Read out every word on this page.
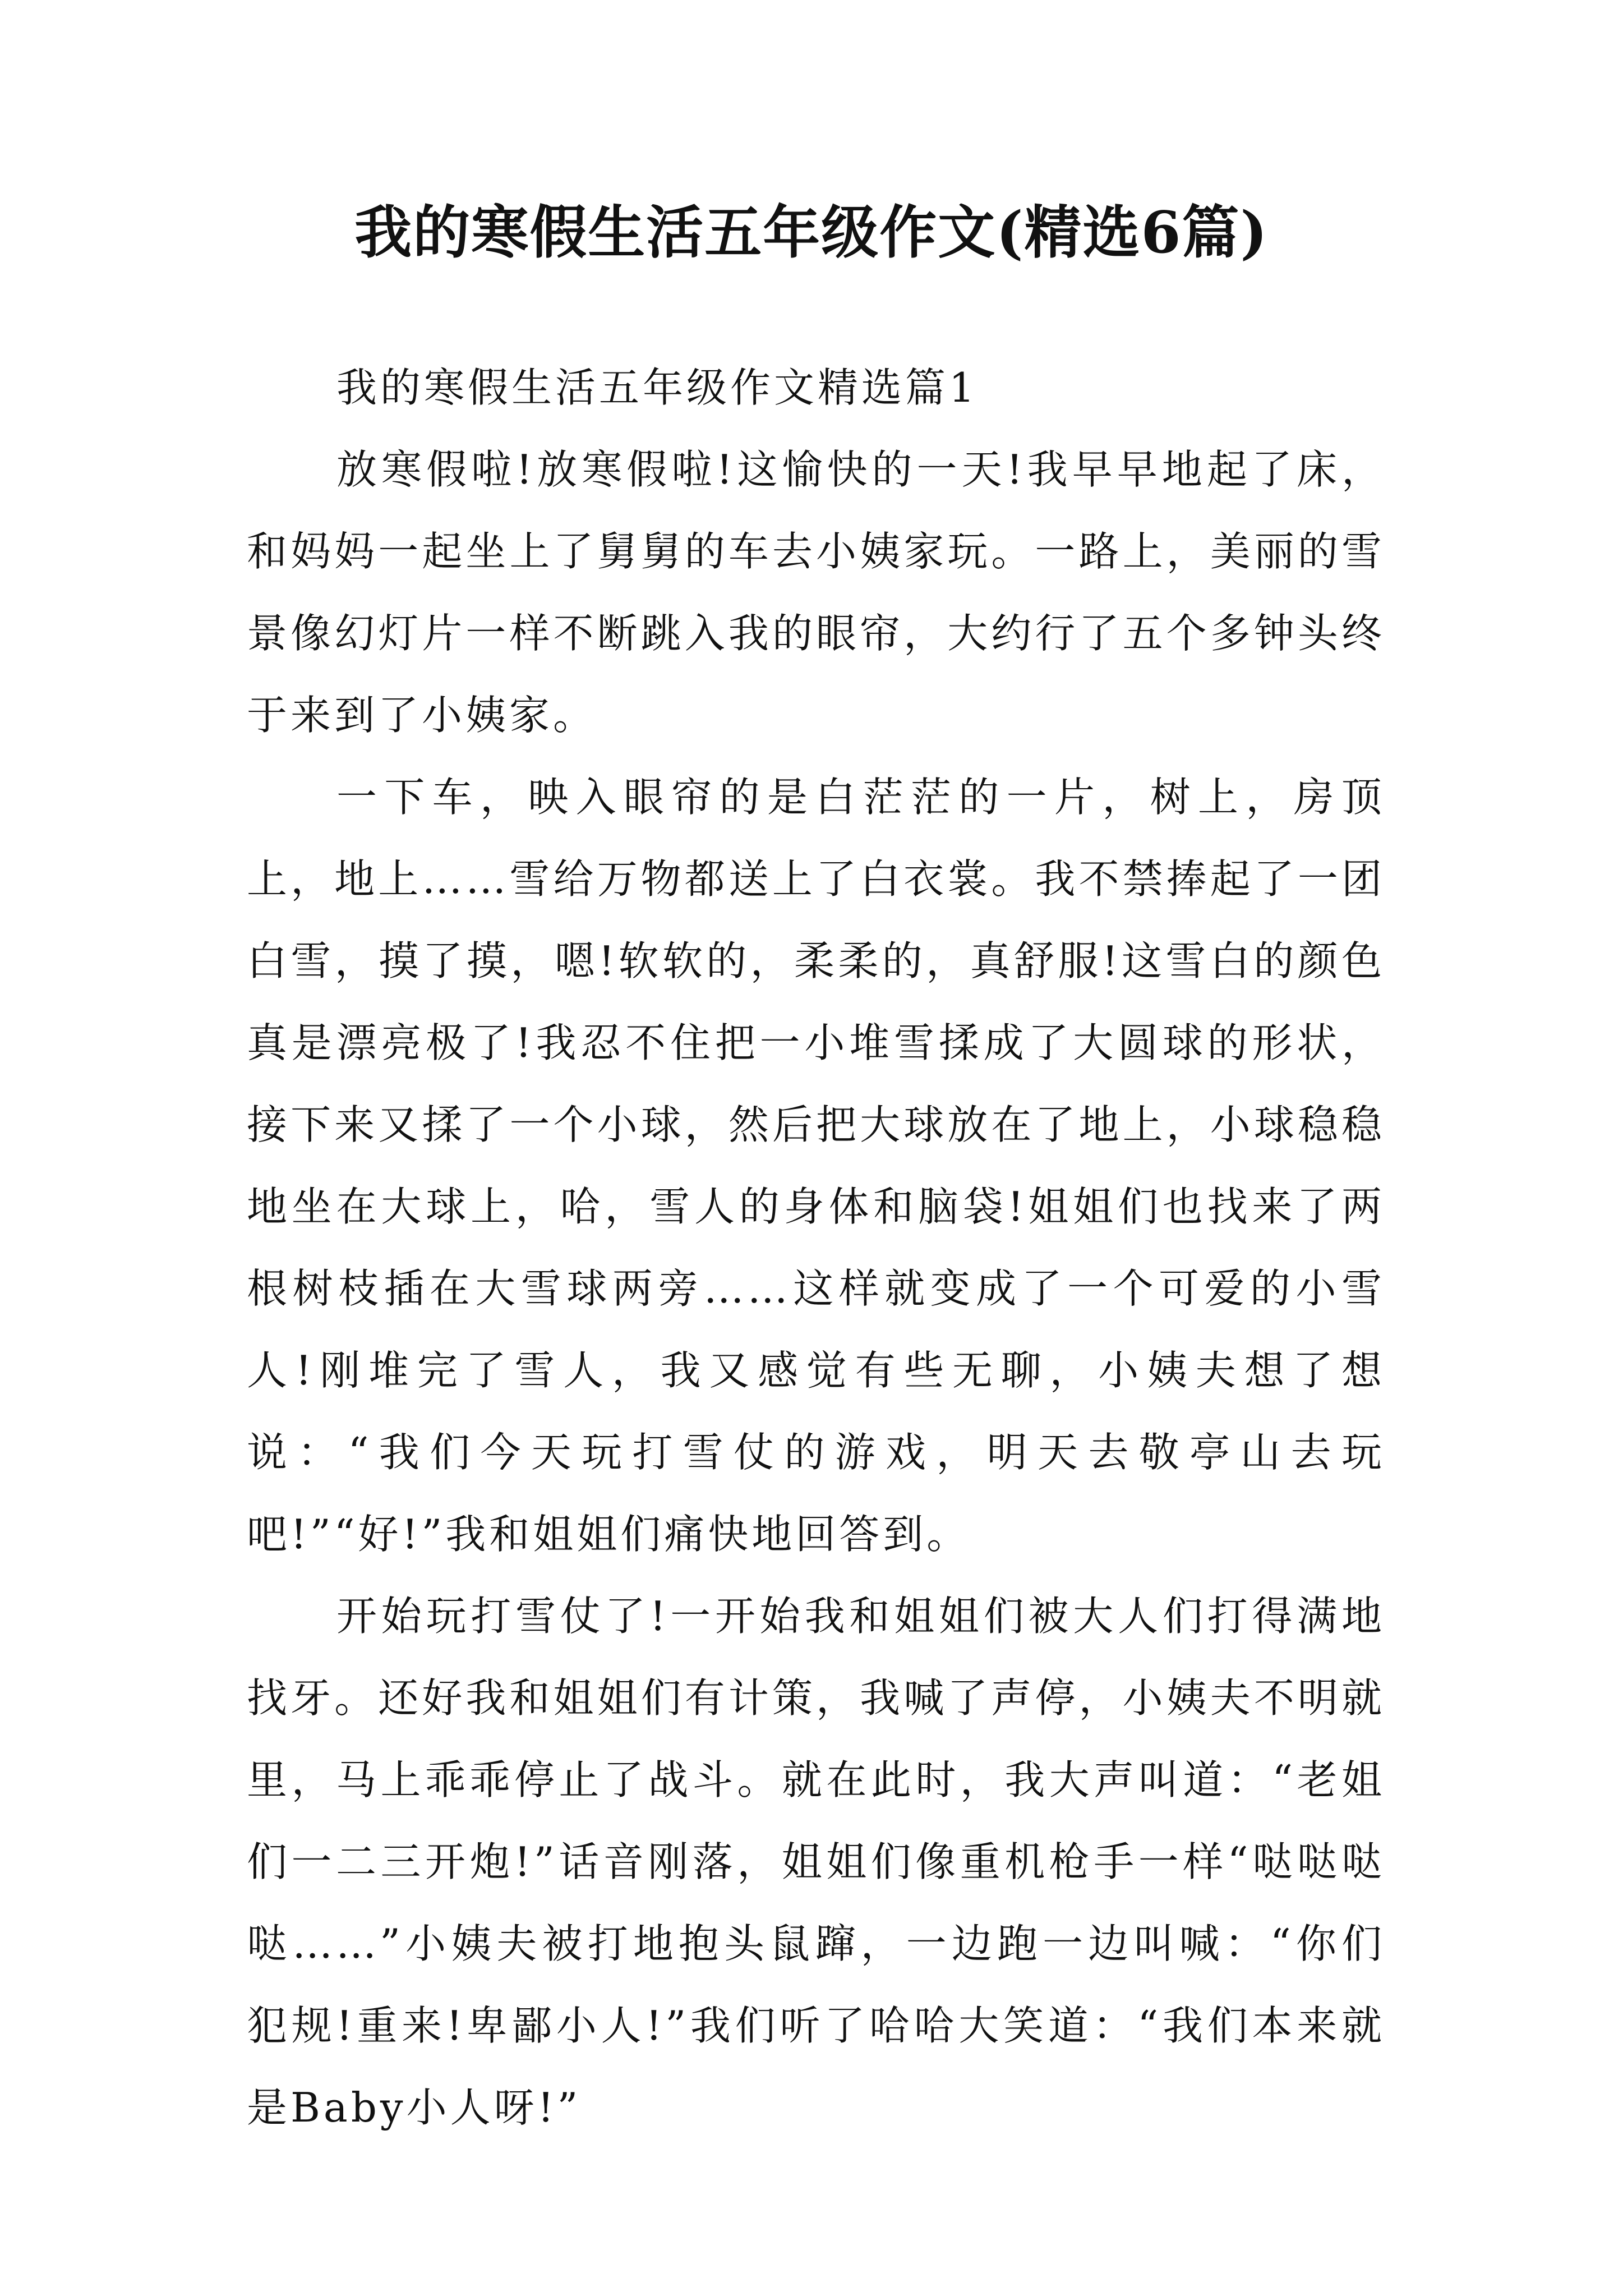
我的寒假生活五年级作文(精选6篇)
我的寒假生活五年级作文精选篇1

放寒假啦!放寒假啦!这愉快的一天!我早早地起了床，和妈妈一起坐上了舅舅的车去小姨家玩。一路上，美丽的雪景像幻灯片一样不断跳入我的眼帘，大约行了五个多钟头终于来到了小姨家。

一下车，映入眼帘的是白茫茫的一片，树上，房顶上，地上……雪给万物都送上了白衣裳。我不禁捧起了一团白雪，摸了摸，嗯!软软的，柔柔的，真舒服!这雪白的颜色真是漂亮极了!我忍不住把一小堆雪揉成了大圆球的形状，接下来又揉了一个小球，然后把大球放在了地上，小球稳稳地坐在大球上，哈，雪人的身体和脑袋!姐姐们也找来了两根树枝插在大雪球两旁……这样就变成了一个可爱的小雪人!刚堆完了雪人，我又感觉有些无聊，小姨夫想了想说：“我们今天玩打雪仗的游戏，明天去敬亭山去玩吧!”“好!”我和姐姐们痛快地回答到。

开始玩打雪仗了!一开始我和姐姐们被大人们打得满地找牙。还好我和姐姐们有计策，我喊了声停，小姨夫不明就里，马上乖乖停止了战斗。就在此时，我大声叫道：“老姐们一二三开炮!”话音刚落，姐姐们像重机枪手一样“哒哒哒哒……”小姨夫被打地抱头鼠蹿，一边跑一边叫喊：“你们犯规!重来!卑鄙小人!”我们听了哈哈大笑道：“我们本来就是Baby小人呀!”
